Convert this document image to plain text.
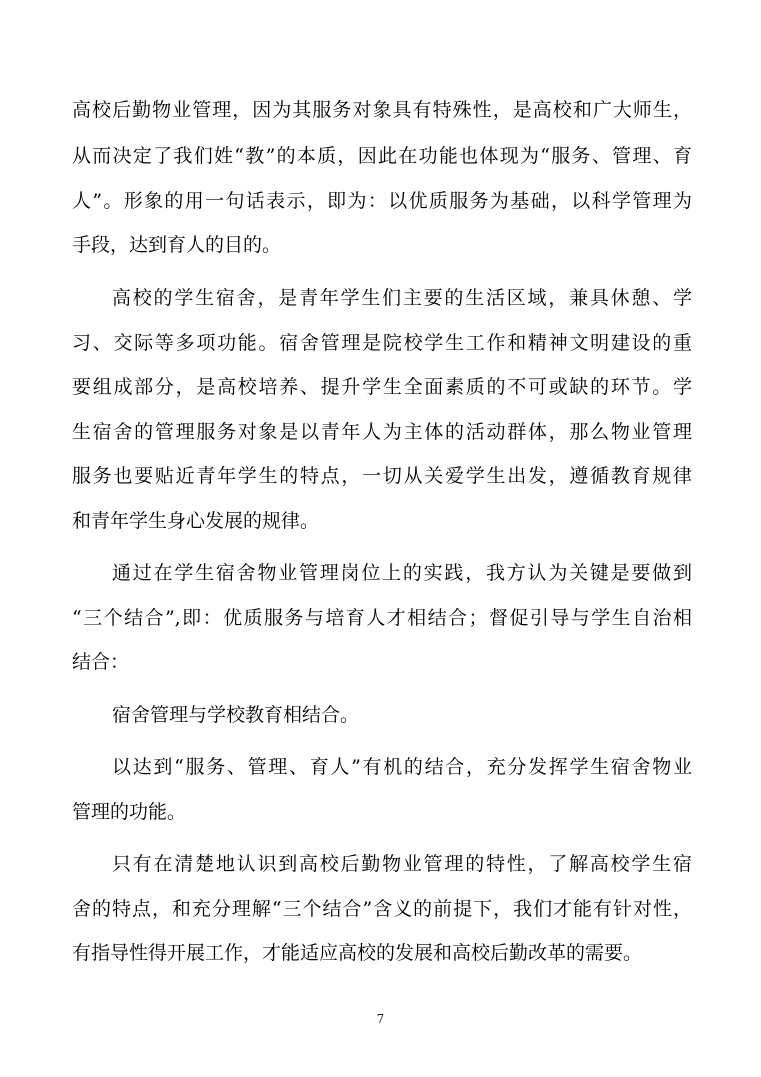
高校后勤物业管理，因为其服务对象具有特殊性，是高校和广大师生，
从而决定了我们姓“教”的本质，因此在功能也体现为“服务、管理、育
人”。形象的用一句话表示，即为：以优质服务为基础，以科学管理为
手段，达到育人的目的。
高校的学生宿舍，是青年学生们主要的生活区域，兼具休憩、学
习、交际等多项功能。宿舍管理是院校学生工作和精神文明建设的重
要组成部分，是高校培养、提升学生全面素质的不可或缺的环节。学
生宿舍的管理服务对象是以青年人为主体的活动群体，那么物业管理
服务也要贴近青年学生的特点，一切从关爱学生出发，遵循教育规律
和青年学生身心发展的规律。
通过在学生宿舍物业管理岗位上的实践，我方认为关键是要做到
“三个结合”,即：优质服务与培育人才相结合；督促引导与学生自治相
结合：
宿舍管理与学校教育相结合。
以达到“服务、管理、育人”有机的结合，充分发挥学生宿舍物业
管理的功能。
只有在清楚地认识到高校后勤物业管理的特性，了解高校学生宿
舍的特点，和充分理解“三个结合”含义的前提下，我们才能有针对性，
有指导性得开展工作，才能适应高校的发展和高校后勤改革的需要。
7
